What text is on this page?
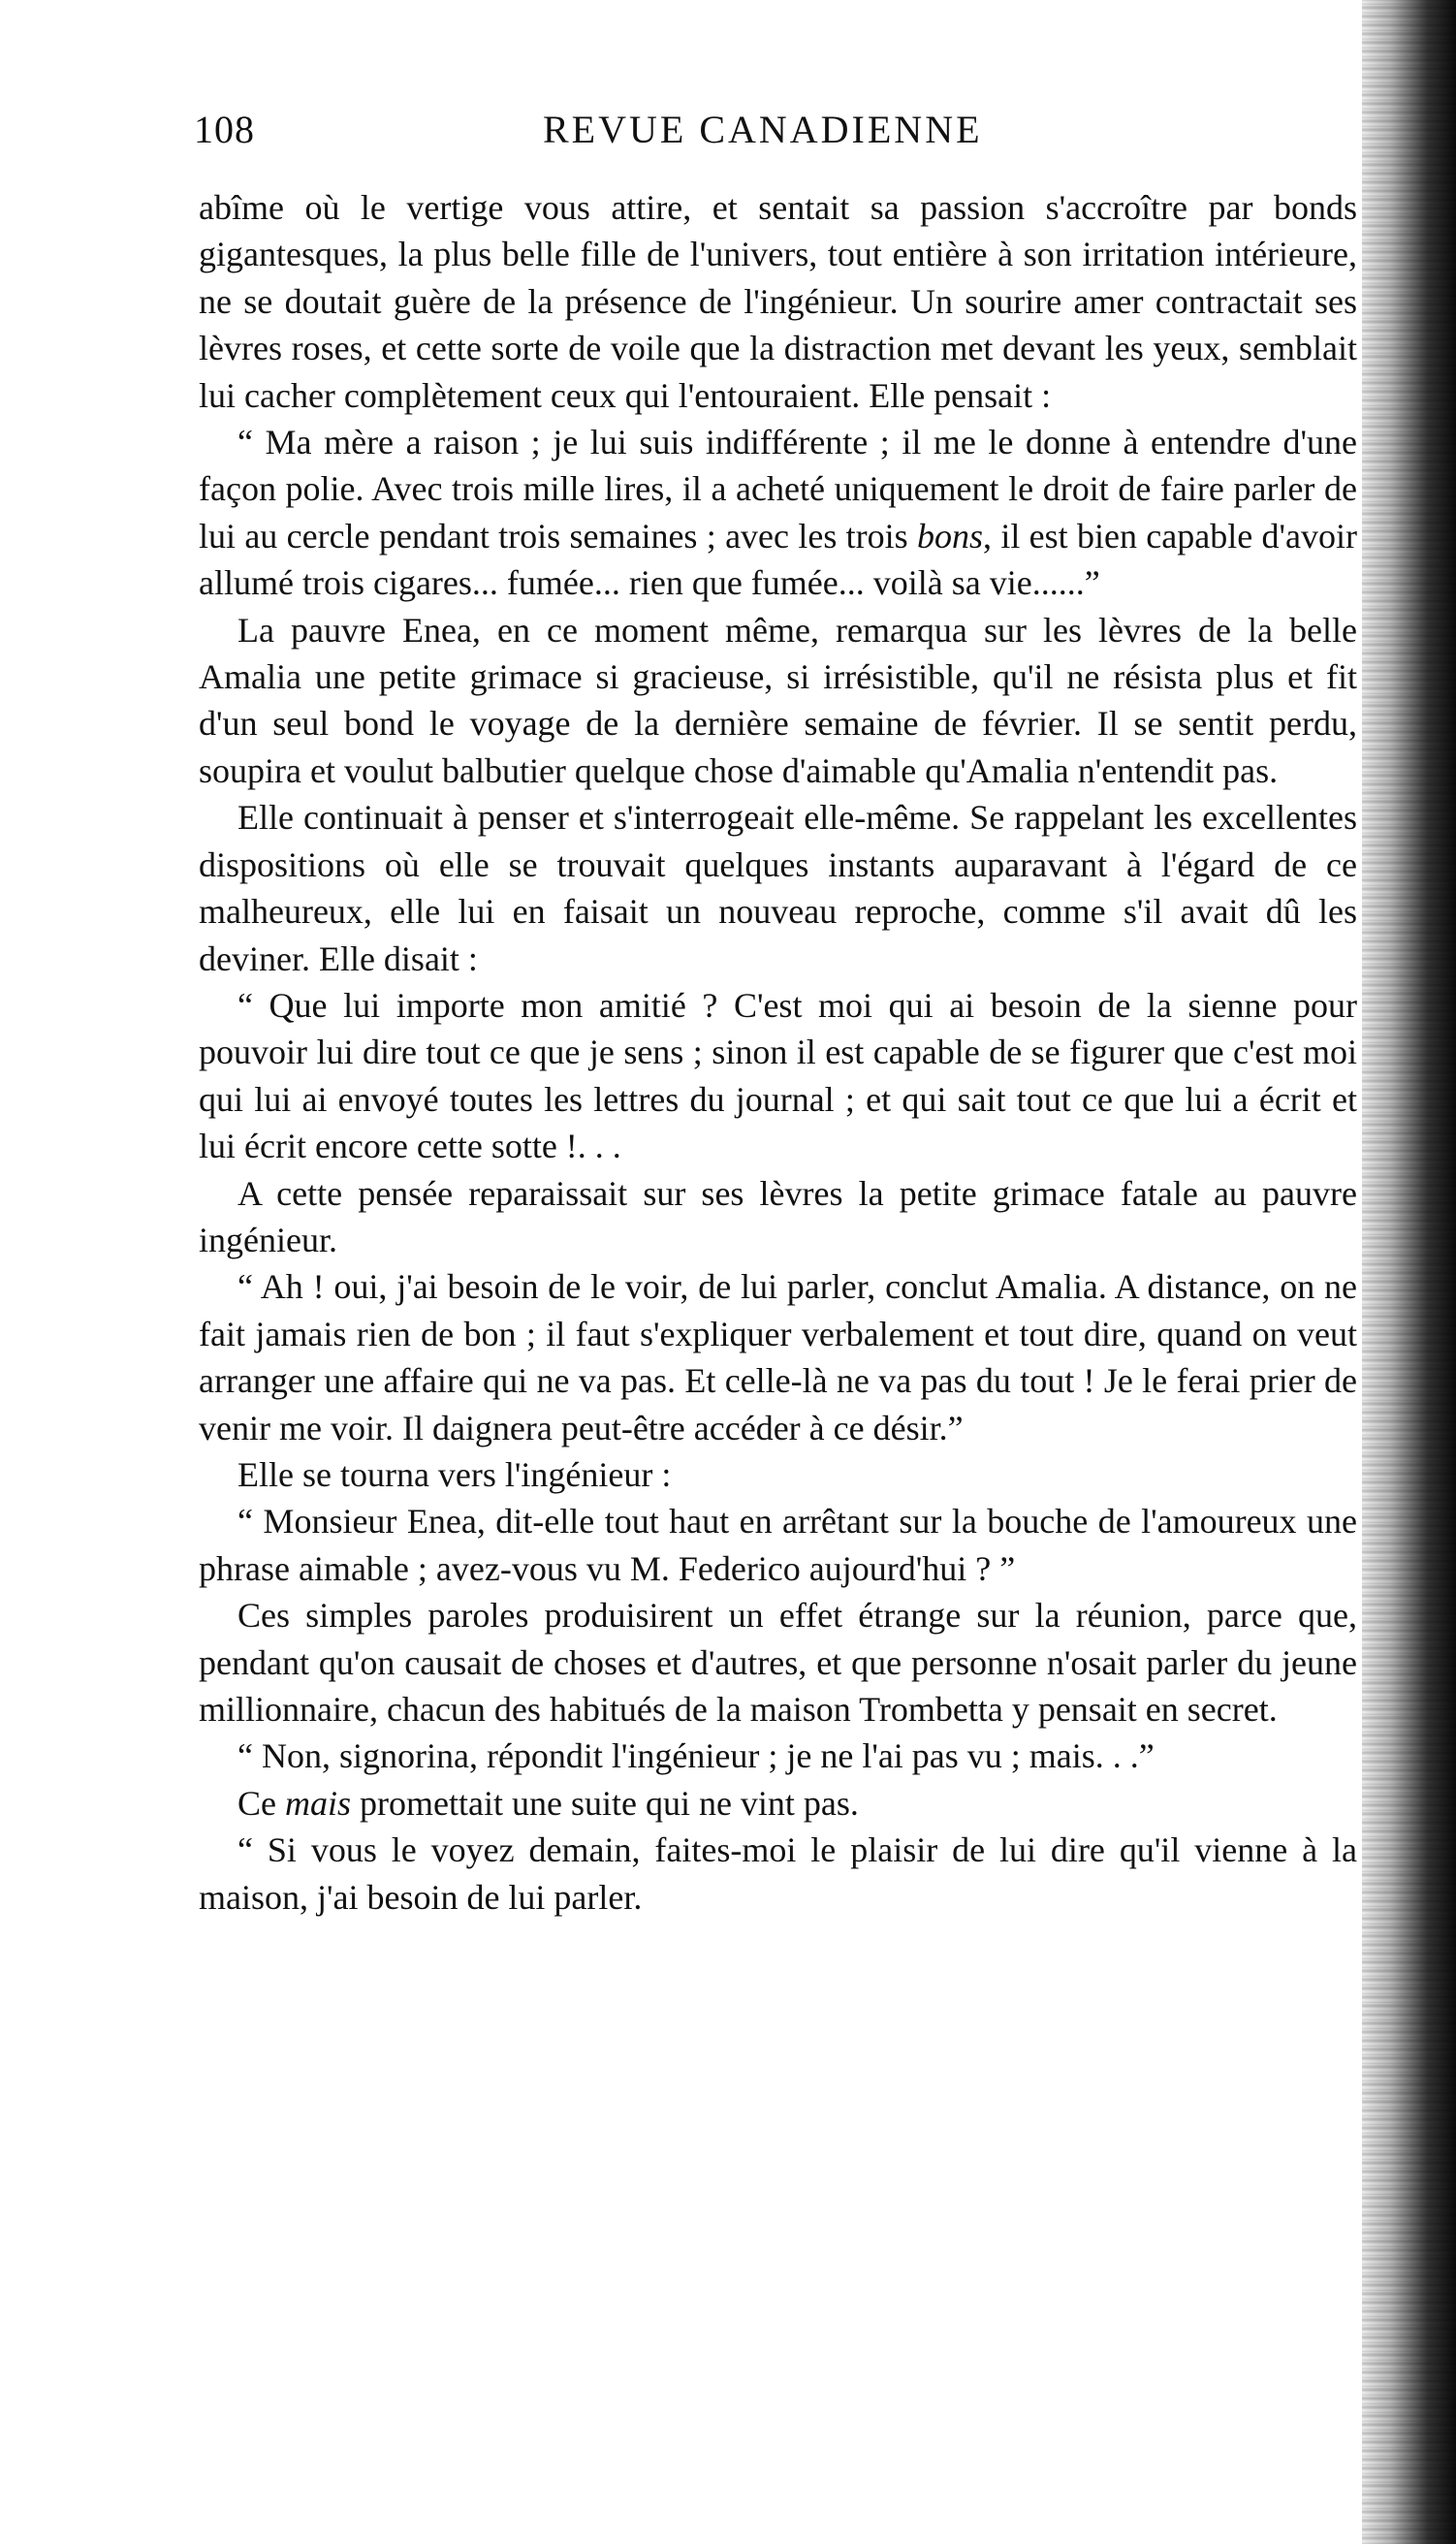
108	REVUE CANADIENNE

abîme où le vertige vous attire, et sentait sa passion s'accroître par bonds gigantesques, la plus belle fille de l'univers, tout entière à son irritation intérieure, ne se doutait guère de la présence de l'ingénieur. Un sourire amer contractait ses lèvres roses, et cette sorte de voile que la distraction met devant les yeux, semblait lui cacher complètement ceux qui l'entouraient. Elle pensait :

“ Ma mère a raison ; je lui suis indifférente ; il me le donne à entendre d'une façon polie. Avec trois mille lires, il a acheté uniquement le droit de faire parler de lui au cercle pendant trois semaines ; avec les trois bons, il est bien capable d'avoir allumé trois cigares... fumée... rien que fumée... voilà sa vie......”

La pauvre Enea, en ce moment même, remarqua sur les lèvres de la belle Amalia une petite grimace si gracieuse, si irrésistible, qu'il ne résista plus et fit d'un seul bond le voyage de la dernière semaine de février. Il se sentit perdu, soupira et voulut balbutier quelque chose d'aimable qu'Amalia n'entendit pas.

Elle continuait à penser et s'interrogeait elle-même. Se rappelant les excellentes dispositions où elle se trouvait quelques instants auparavant à l'égard de ce malheureux, elle lui en faisait un nouveau reproche, comme s'il avait dû les deviner. Elle disait :

“ Que lui importe mon amitié ? C'est moi qui ai besoin de la sienne pour pouvoir lui dire tout ce que je sens ; sinon il est capable de se figurer que c'est moi qui lui ai envoyé toutes les lettres du journal ; et qui sait tout ce que lui a écrit et lui écrit encore cette sotte !. . .

A cette pensée reparaissait sur ses lèvres la petite grimace fatale au pauvre ingénieur.

“ Ah ! oui, j'ai besoin de le voir, de lui parler, conclut Amalia. A distance, on ne fait jamais rien de bon ; il faut s'expliquer verbalement et tout dire, quand on veut arranger une affaire qui ne va pas. Et celle-là ne va pas du tout ! Je le ferai prier de venir me voir. Il daignera peut-être accéder à ce désir.”

Elle se tourna vers l'ingénieur :

“ Monsieur Enea, dit-elle tout haut en arrêtant sur la bouche de l'amoureux une phrase aimable ; avez-vous vu M. Federico aujourd'hui ? ”

Ces simples paroles produisirent un effet étrange sur la réunion, parce que, pendant qu'on causait de choses et d'autres, et que personne n'osait parler du jeune millionnaire, chacun des habitués de la maison Trombetta y pensait en secret.

“ Non, signorina, répondit l'ingénieur ; je ne l'ai pas vu ; mais. . .”

Ce mais promettait une suite qui ne vint pas.

“ Si vous le voyez demain, faites-moi le plaisir de lui dire qu'il vienne à la maison, j'ai besoin de lui parler.
